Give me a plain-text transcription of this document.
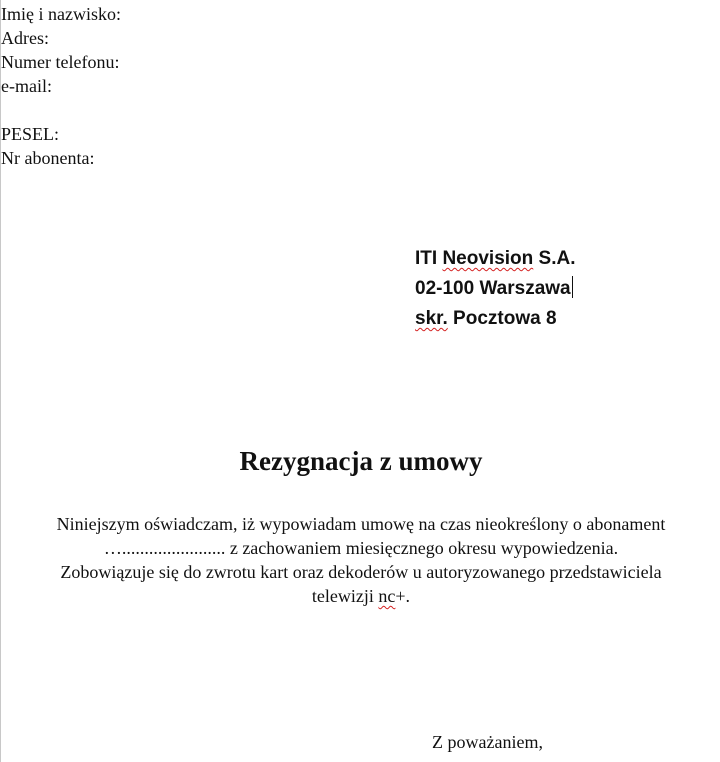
Imię i nazwisko:
Adres:
Numer telefonu:
e-mail:
PESEL:
Nr abonenta:
ITI Neovision S.A.
02-100 Warszawa
skr. Pocztowa 8
Rezygnacja z umowy
Niniejszym oświadczam, iż wypowiadam umowę na czas nieokreślony o abonament
…....................... z zachowaniem miesięcznego okresu wypowiedzenia.
Zobowiązuje się do zwrotu kart oraz dekoderów u autoryzowanego przedstawiciela
telewizji nc+.
Z poważaniem,
